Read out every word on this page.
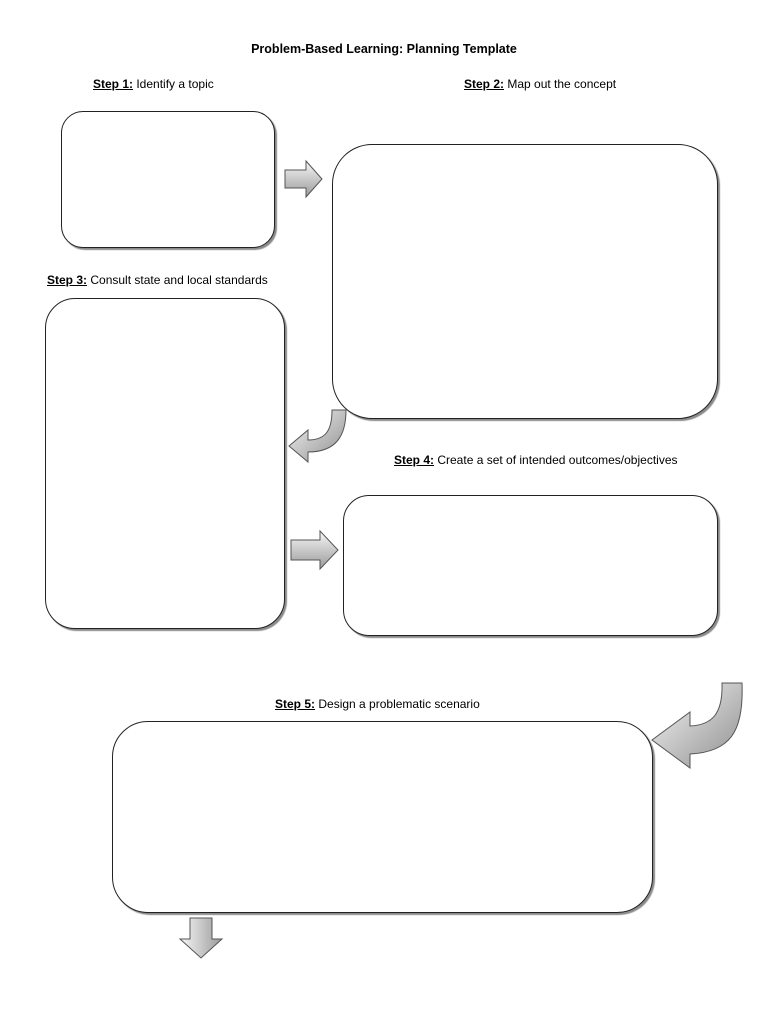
Problem-Based Learning: Planning Template
Step 1: Identify a topic	Step 2: Map out the concept
Step 3: Consult state and local standards
Step 4: Create a set of intended outcomes/objectives
Step 5: Design a problematic scenario
